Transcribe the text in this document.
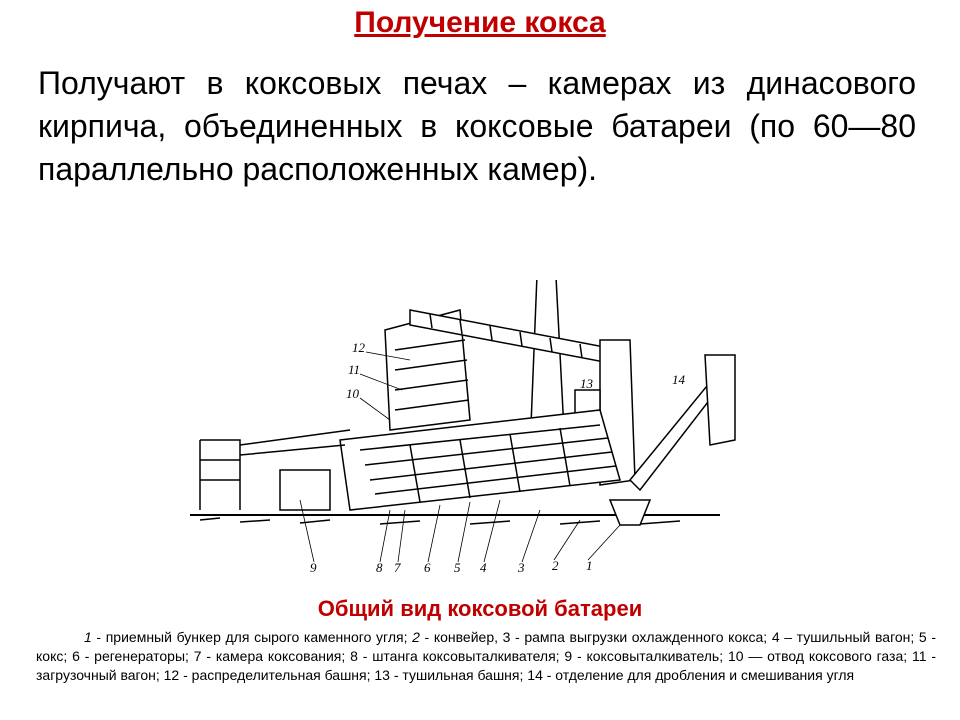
Получение кокса
Получают в коксовых печах – камерах из динасового кирпича, объединенных в коксовые батареи (по 60—80 параллельно расположенных камер).
12
11
10
13	14
9	8 7 6 5 4 3 2 1
Общий вид коксовой батареи
1 - приемный бункер для сырого каменного угля; 2 - конвейер, 3 - рампа выгрузки охлажденного кокса; 4 – тушильный вагон; 5 - кокс; 6 - регенераторы; 7 - камера коксования; 8 - штанга коксовыталкивателя; 9 - коксовыталкиватель; 10 — отвод коксового газа; 11 - загрузочный вагон; 12 - распределительная башня; 13 - тушильная башня; 14 - отделение для дробления и смешивания угля
